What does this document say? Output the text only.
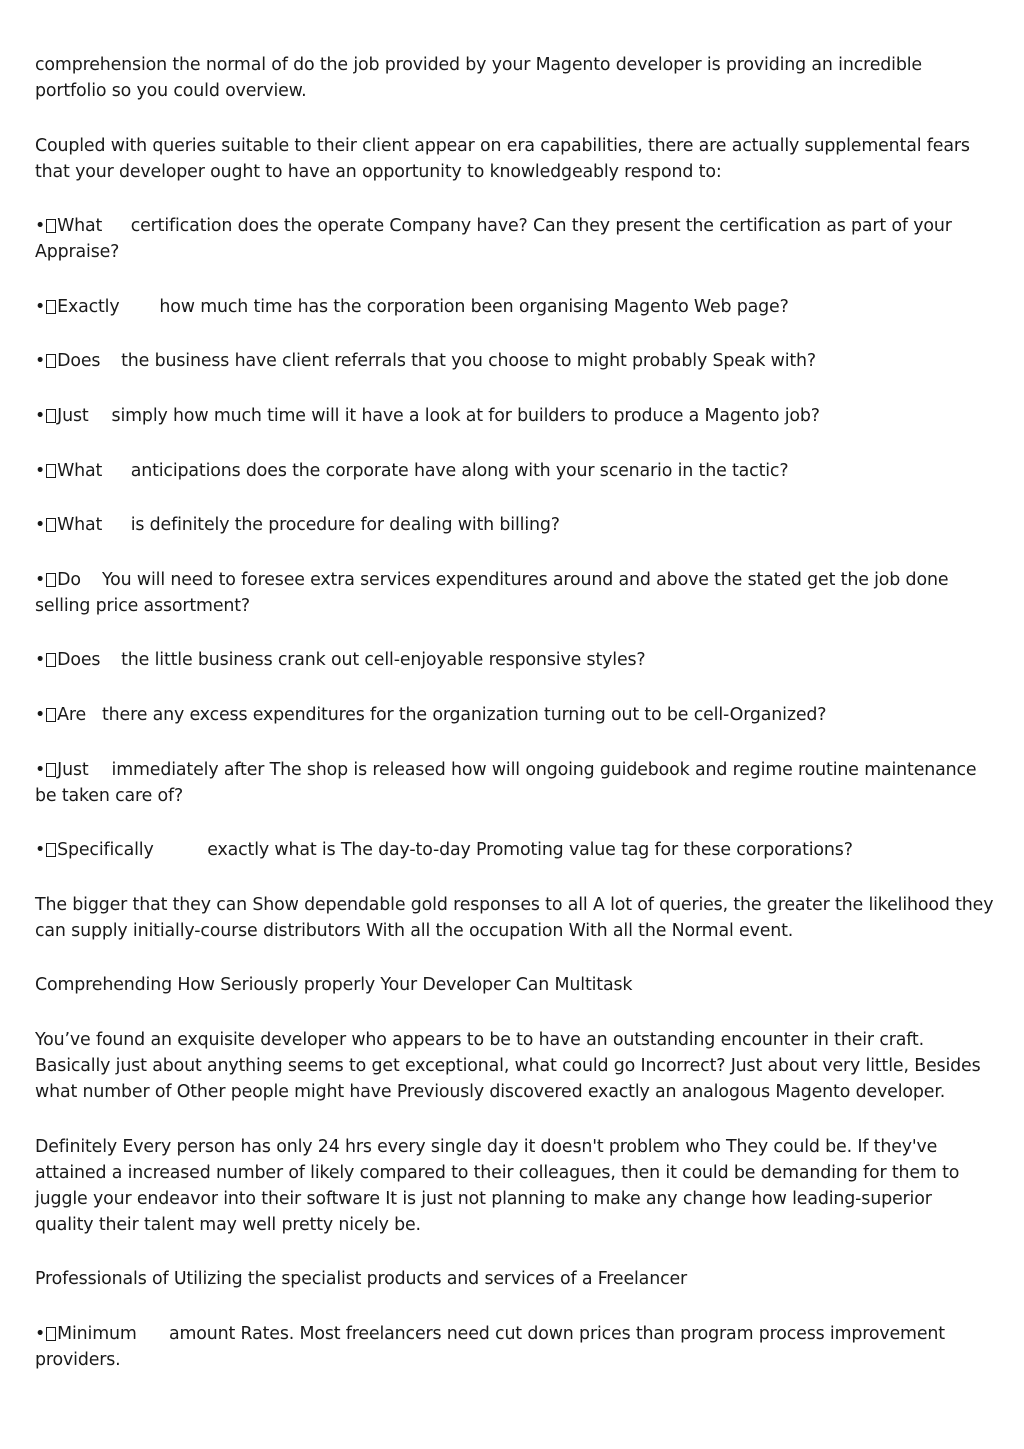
comprehension the normal of do the job provided by your Magento developer is providing an incredible portfolio so you could overview.

Coupled with queries suitable to their client appear on era capabilities, there are actually supplemental fears that your developer ought to have an opportunity to knowledgeably respond to:

• What	certification does the operate Company have? Can they present the certification as part of your Appraise?

• Exactly	how much time has the corporation been organising Magento Web page?

• Does	the business have client referrals that you choose to might probably Speak with?

• Just	simply how much time will it have a look at for builders to produce a Magento job?

• What	anticipations does the corporate have along with your scenario in the tactic?

• What	is definitely the procedure for dealing with billing?

• Do	You will need to foresee extra services expenditures around and above the stated get the job done selling price assortment?

• Does	the little business crank out cell-enjoyable responsive styles?

• Are there any excess expenditures for the organization turning out to be cell-Organized?

• Just	immediately after The shop is released how will ongoing guidebook and regime routine maintenance be taken care of?

• Specifically	exactly what is The day-to-day Promoting value tag for these corporations?

The bigger that they can Show dependable gold responses to all A lot of queries, the greater the likelihood they can supply initially-course distributors With all the occupation With all the Normal event.

Comprehending How Seriously properly Your Developer Can Multitask

You’ve found an exquisite developer who appears to be to have an outstanding encounter in their craft. Basically just about anything seems to get exceptional, what could go Incorrect? Just about very little, Besides what number of Other people might have Previously discovered exactly an analogous Magento developer.

Definitely Every person has only 24 hrs every single day it doesn't problem who They could be. If they've attained a increased number of likely compared to their colleagues, then it could be demanding for them to juggle your endeavor into their software It is just not planning to make any change how leading-superior quality their talent may well pretty nicely be.

Professionals of Utilizing the specialist products and services of a Freelancer

• Minimum	amount Rates. Most freelancers need cut down prices than program process improvement providers.
